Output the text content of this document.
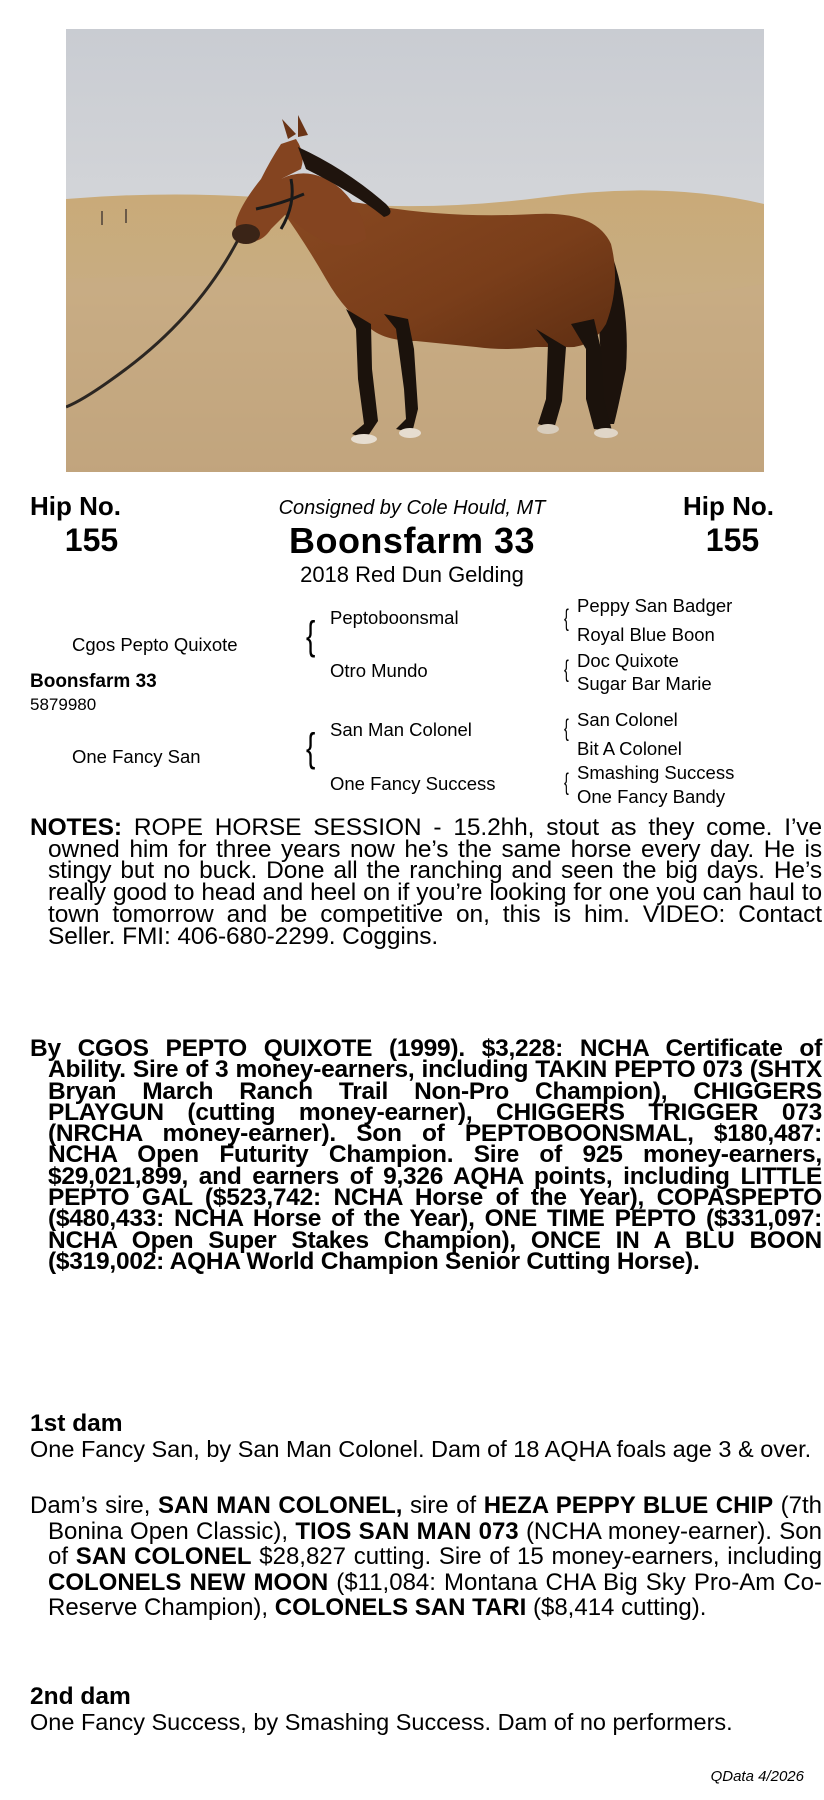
Hip No.
155
Hip No.
155
Consigned by Cole Hould, MT
Boonsfarm 33
2018 Red Dun Gelding
Cgos Pepto Quixote
Boonsfarm 33
5879980
One Fancy San
{
{
Peptoboonsmal
Otro Mundo
San Man Colonel
One Fancy Success
{
{
{
{
Peppy San Badger
Royal Blue Boon
Doc Quixote
Sugar Bar Marie
San Colonel
Bit A Colonel
Smashing Success
One Fancy Bandy
NOTES: ROPE HORSE SESSION - 15.2hh, stout as they come. I’ve owned him for three years now he’s the same horse every day. He is stingy but no buck. Done all the ranching and seen the big days. He’s really good to head and heel on if you’re looking for one you can haul to town tomorrow and be competitive on, this is him. VIDEO: Contact Seller. FMI: 406-680-2299. Coggins.
By CGOS PEPTO QUIXOTE (1999). $3,228: NCHA Certificate of Ability. Sire of 3 money-earners, including TAKIN PEPTO 073 (SHTX Bryan March Ranch Trail Non-Pro Champion), CHIGGERS PLAYGUN (cutting money-earner), CHIGGERS TRIGGER 073 (NRCHA money-earner). Son of PEPTOBOONSMAL, $180,487: NCHA Open Futurity Champion. Sire of 925 money-earners, $29,021,899, and earners of 9,326 AQHA points, including LITTLE PEPTO GAL ($523,742: NCHA Horse of the Year), COPASPEPTO ($480,433: NCHA Horse of the Year), ONE TIME PEPTO ($331,097: NCHA Open Super Stakes Champion), ONCE IN A BLU BOON ($319,002: AQHA World Champion Senior Cutting Horse).
1st dam
One Fancy San, by San Man Colonel. Dam of 18 AQHA foals age 3 & over.
Dam’s sire, SAN MAN COLONEL, sire of HEZA PEPPY BLUE CHIP (7th Bonina Open Classic), TIOS SAN MAN 073 (NCHA money-earner). Son of SAN COLONEL $28,827 cutting. Sire of 15 money-earners, including COLONELS NEW MOON ($11,084: Montana CHA Big Sky Pro-Am Co-Reserve Champion), COLONELS SAN TARI ($8,414 cutting).
2nd dam
One Fancy Success, by Smashing Success. Dam of no performers.
QData 4/2026
